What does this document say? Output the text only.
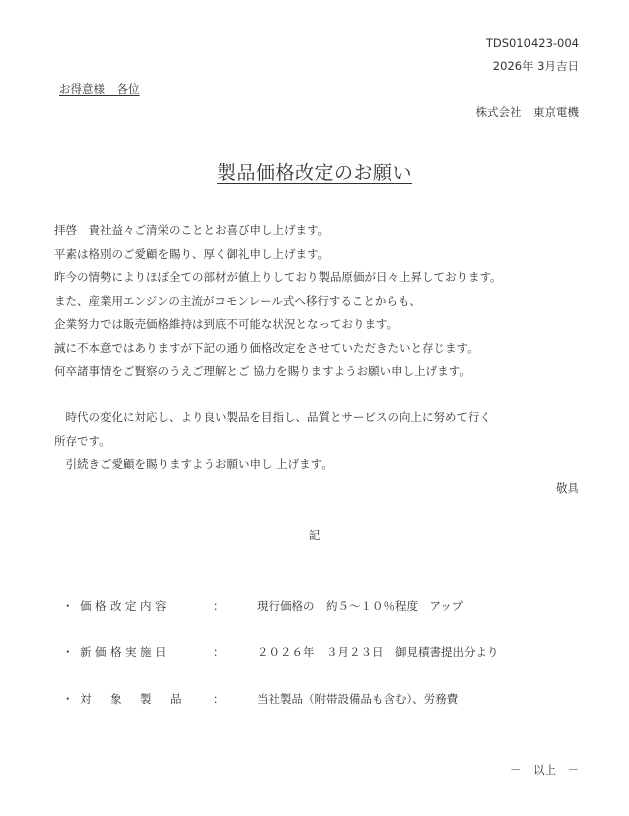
TDS010423-004
2026年 3月吉日
お得意様　各位
株式会社　東京電機
製品価格改定のお願い
拝啓　貴社益々ご清栄のこととお喜び申し上げます。
平素は格別のご愛顧を賜り、厚く御礼申し上げます。
昨今の情勢によりほぼ全ての部材が値上りしており製品原価が日々上昇しております。
また、産業用エンジンの主流がコモンレール式へ移行することからも、
企業努力では販売価格維持は到底不可能な状況となっております。
誠に不本意ではありますが下記の通り価格改定をさせていただきたいと存じます。
何卒諸事情をご賢察のうえご理解とご 協力を賜りますようお願い申し上げます。
　時代の変化に対応し、より良い製品を目指し、品質とサービスの向上に努めて行く
所存です。
　引続きご愛顧を賜りますようお願い申し 上げます。
敬具
記
・ 価格改定内容	：	現行価格の　約５～１０％程度　アップ
・ 新価格実施日	：	２０２６年　３月２３日　御見積書提出分より
・ 対　象　製　品 ：	当社製品（附帯設備品も含む）、労務費
－　以上　－
